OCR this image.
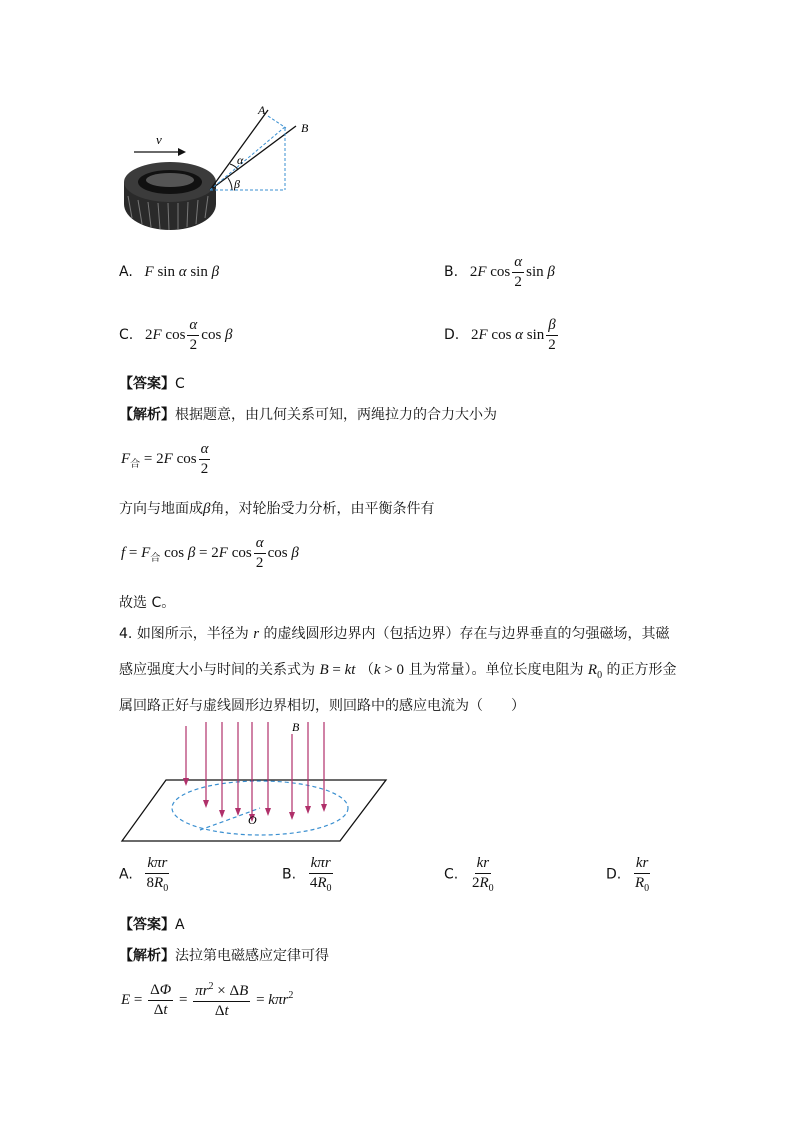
v
A
B
α
β
A. F sin α sin β	B. 2F $\cos \frac{\alpha}{2}$ sin β
C. 2F $\cos \frac{\alpha}{2}$ cos β	D. 2F cos α $\sin \frac{\beta}{2}$
【答案】C
【解析】根据题意，由几何关系可知，两绳拉力的合力大小为
$F_合 = 2F$ $\cos \frac{\alpha}{2}$
方向与地面成β角，对轮胎受力分析，由平衡条件有
$f = F_合$ cos β = 2F $\cos \frac{\alpha}{2}$ cos β
故选 C。
4. 如图所示，半径为 r 的虚线圆形边界内（包括边界）存在与边界垂直的匀强磁场，其磁
感应强度大小与时间的关系式为 B = kt （k > 0 且为常量）。单位长度电阻为 $R_0$ 的正方形金
属回路正好与虚线圆形边界相切，则回路中的感应电流为（　　）
B
O
A. $\frac{\text{kπr}}{8R_0}$	B. $\frac{\text{kπr}}{4R_0}$	C. $\frac{kr}{2R_0}$	D. $\frac{kr}{R_0}$
【答案】A
【解析】法拉第电磁感应定律可得
$E = \frac{\Delta\Phi}{\Delta t} = \frac{\pi r^2 \times \Delta B}{\Delta t} = k\pi r^2$
